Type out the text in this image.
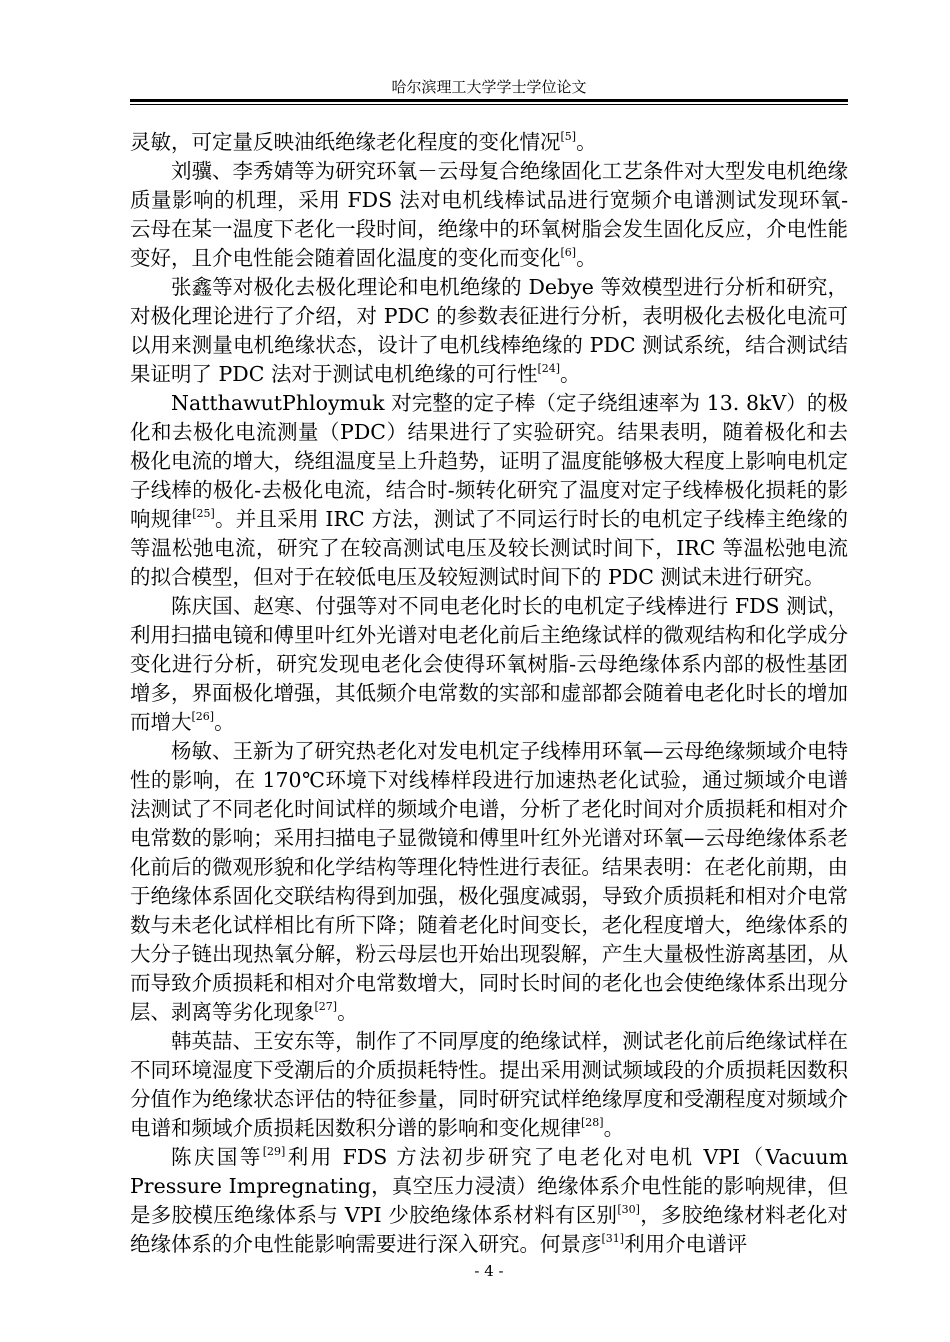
哈尔滨理工大学学士学位论文

灵敏，可定量反映油纸绝缘老化程度的变化情况[5]。

刘骥、李秀婧等为研究环氧－云母复合绝缘固化工艺条件对大型发电机绝缘质量影响的机理，采用 FDS 法对电机线棒试品进行宽频介电谱测试发现环氧-云母在某一温度下老化一段时间，绝缘中的环氧树脂会发生固化反应，介电性能变好，且介电性能会随着固化温度的变化而变化[6]。

张鑫等对极化去极化理论和电机绝缘的 Debye 等效模型进行分析和研究，对极化理论进行了介绍，对 PDC 的参数表征进行分析，表明极化去极化电流可以用来测量电机绝缘状态，设计了电机线棒绝缘的 PDC 测试系统，结合测试结果证明了 PDC 法对于测试电机绝缘的可行性[24]。

NatthawutPhloymuk 对完整的定子棒（定子绕组速率为 13. 8kV）的极化和去极化电流测量（PDC）结果进行了实验研究。结果表明，随着极化和去极化电流的增大，绕组温度呈上升趋势，证明了温度能够极大程度上影响电机定子线棒的极化-去极化电流，结合时-频转化研究了温度对定子线棒极化损耗的影响规律[25]。并且采用 IRC 方法，测试了不同运行时长的电机定子线棒主绝缘的等温松弛电流，研究了在较高测试电压及较长测试时间下，IRC 等温松弛电流的拟合模型，但对于在较低电压及较短测试时间下的 PDC 测试未进行研究。

陈庆国、赵寒、付强等对不同电老化时长的电机定子线棒进行 FDS 测试，利用扫描电镜和傅里叶红外光谱对电老化前后主绝缘试样的微观结构和化学成分变化进行分析，研究发现电老化会使得环氧树脂-云母绝缘体系内部的极性基团增多，界面极化增强，其低频介电常数的实部和虚部都会随着电老化时长的增加而增大[26]。

杨敏、王新为了研究热老化对发电机定子线棒用环氧—云母绝缘频域介电特性的影响，在 170℃环境下对线棒样段进行加速热老化试验，通过频域介电谱法测试了不同老化时间试样的频域介电谱，分析了老化时间对介质损耗和相对介电常数的影响；采用扫描电子显微镜和傅里叶红外光谱对环氧—云母绝缘体系老化前后的微观形貌和化学结构等理化特性进行表征。结果表明：在老化前期，由于绝缘体系固化交联结构得到加强，极化强度减弱，导致介质损耗和相对介电常数与未老化试样相比有所下降；随着老化时间变长，老化程度增大，绝缘体系的大分子链出现热氧分解，粉云母层也开始出现裂解，产生大量极性游离基团，从而导致介质损耗和相对介电常数增大，同时长时间的老化也会使绝缘体系出现分层、剥离等劣化现象[27]。

韩英喆、王安东等，制作了不同厚度的绝缘试样，测试老化前后绝缘试样在不同环境湿度下受潮后的介质损耗特性。提出采用测试频域段的介质损耗因数积分值作为绝缘状态评估的特征参量，同时研究试样绝缘厚度和受潮程度对频域介电谱和频域介质损耗因数积分谱的影响和变化规律[28]。

陈庆国等[29]利用 FDS 方法初步研究了电老化对电机 VPI（Vacuum Pressure Impregnating，真空压力浸渍）绝缘体系介电性能的影响规律，但是多胶模压绝缘体系与 VPI 少胶绝缘体系材料有区别[30]，多胶绝缘材料老化对绝缘体系的介电性能影响需要进行深入研究。何景彦[31]利用介电谱评

- 4 -
